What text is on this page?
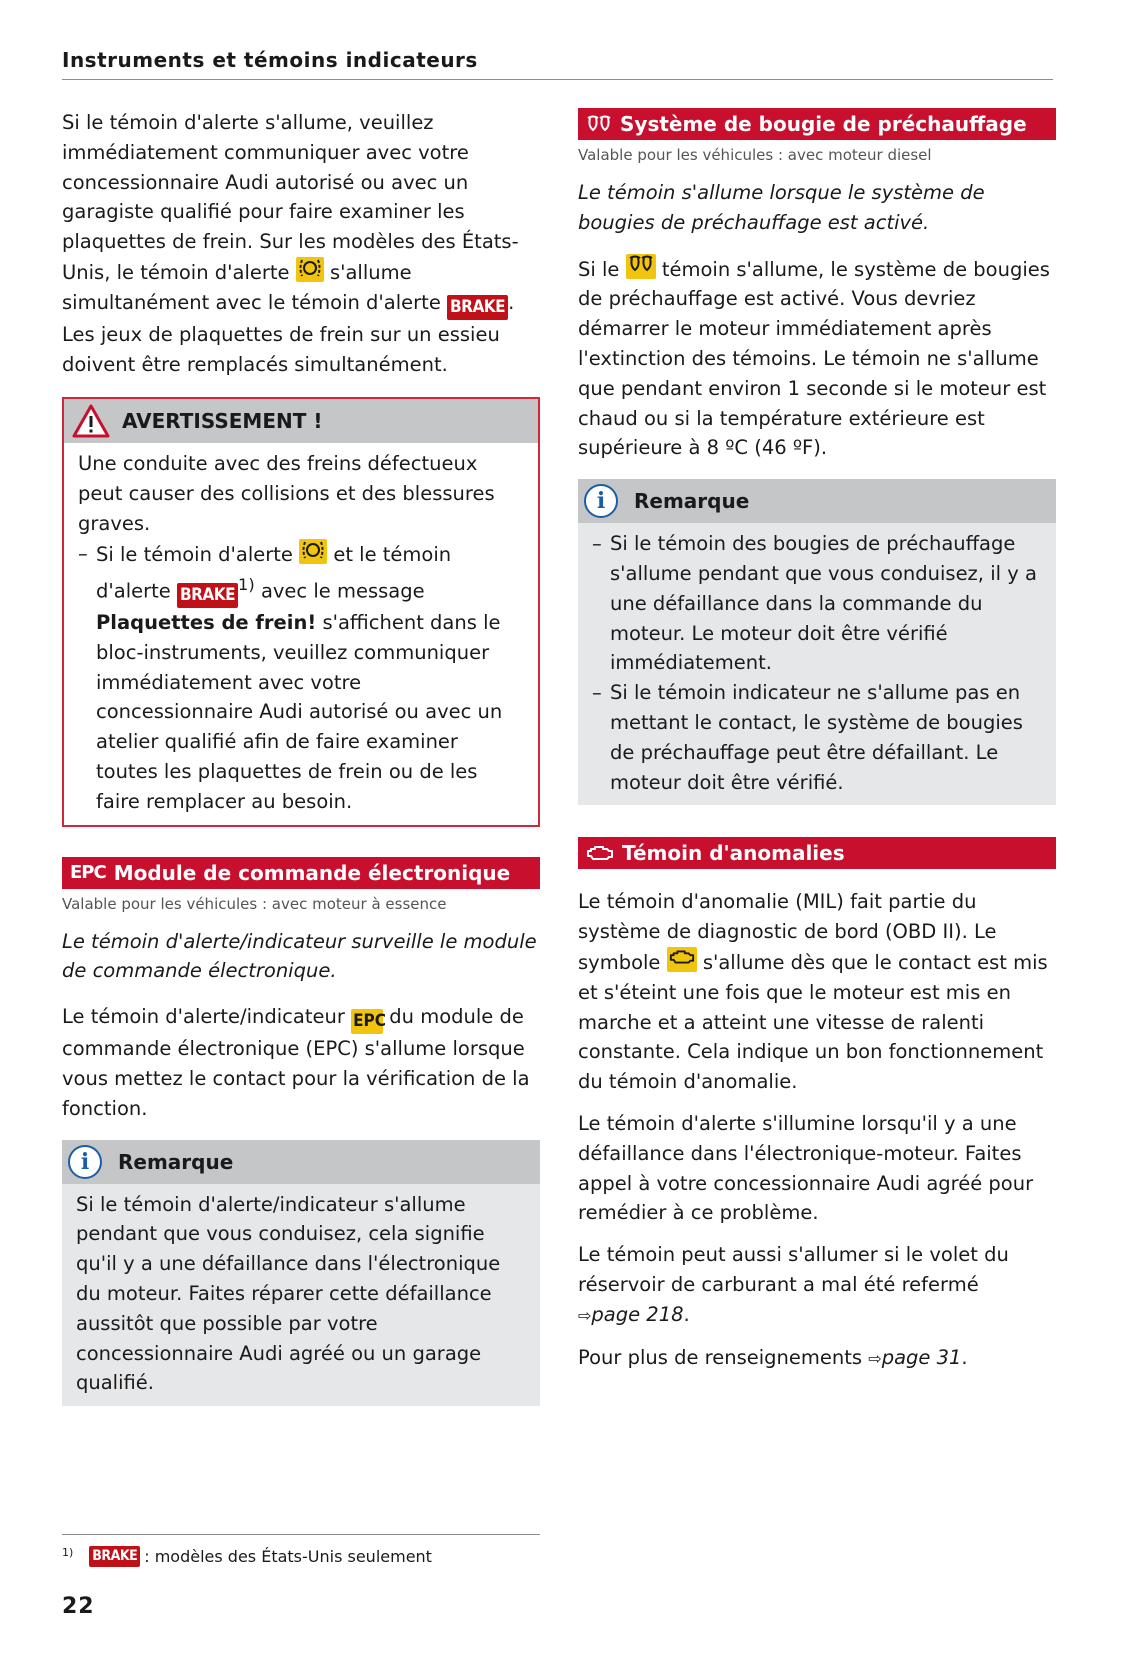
Instruments et témoins indicateurs

Si le témoin d'alerte s'allume, veuillez immédiatement communiquer avec votre concessionnaire Audi autorisé ou avec un garagiste qualifié pour faire examiner les plaquettes de frein. Sur les modèles des États-Unis, le témoin d'alerte s'allume simultanément avec le témoin d'alerte BRAKE . Les jeux de plaquettes de frein sur un essieu doivent être remplacés simultanément.

AVERTISSEMENT !
Une conduite avec des freins défectueux peut causer des collisions et des blessures graves.
– Si le témoin d'alerte et le témoin d'alerte BRAKE$^{1)}$ avec le message Plaquettes de frein! s'affichent dans le bloc-instruments, veuillez communiquer immédiatement avec votre concessionnaire Audi autorisé ou avec un atelier qualifié afin de faire examiner toutes les plaquettes de frein ou de les faire remplacer au besoin.
EPC Module de commande électronique
Valable pour les véhicules : avec moteur à essence

Le témoin d'alerte/indicateur surveille le module de commande électronique.

Le témoin d'alerte/indicateur EPC du module de commande électronique (EPC) s'allume lorsque vous mettez le contact pour la vérification de la fonction.

i	Remarque
Si le témoin d'alerte/indicateur s'allume pendant que vous conduisez, cela signifie qu'il y a une défaillance dans l'électronique du moteur. Faites réparer cette défaillance aussitôt que possible par votre concessionnaire Audi agréé ou un garage qualifié.
Système de bougie de préchauffage
Valable pour les véhicules : avec moteur diesel

Le témoin s'allume lorsque le système de bougies de préchauffage est activé.

Si le témoin s'allume, le système de bougies de préchauffage est activé. Vous devriez démarrer le moteur immédiatement après l'extinction des témoins. Le témoin ne s'allume que pendant environ 1 seconde si le moteur est chaud ou si la température extérieure est supérieure à 8 ºC (46 ºF).

i	Remarque
– Si le témoin des bougies de préchauffage s'allume pendant que vous conduisez, il y a une défaillance dans la commande du moteur. Le moteur doit être vérifié immédiatement.
– Si le témoin indicateur ne s'allume pas en mettant le contact, le système de bougies de préchauffage peut être défaillant. Le moteur doit être vérifié.
Témoin d'anomalies

Le témoin d'anomalie (MIL) fait partie du système de diagnostic de bord (OBD II). Le symbole s'allume dès que le contact est mis et s'éteint une fois que le moteur est mis en marche et a atteint une vitesse de ralenti constante. Cela indique un bon fonctionnement du témoin d'anomalie.

Le témoin d'alerte s'illumine lorsqu'il y a une défaillance dans l'électronique-moteur. Faites appel à votre concessionnaire Audi agréé pour remédier à ce problème.

Le témoin peut aussi s'allumer si le volet du réservoir de carburant a mal été refermé
⇨page 218.

Pour plus de renseignements ⇨page 31.

1) BRAKE : modèles des États-Unis seulement
22
